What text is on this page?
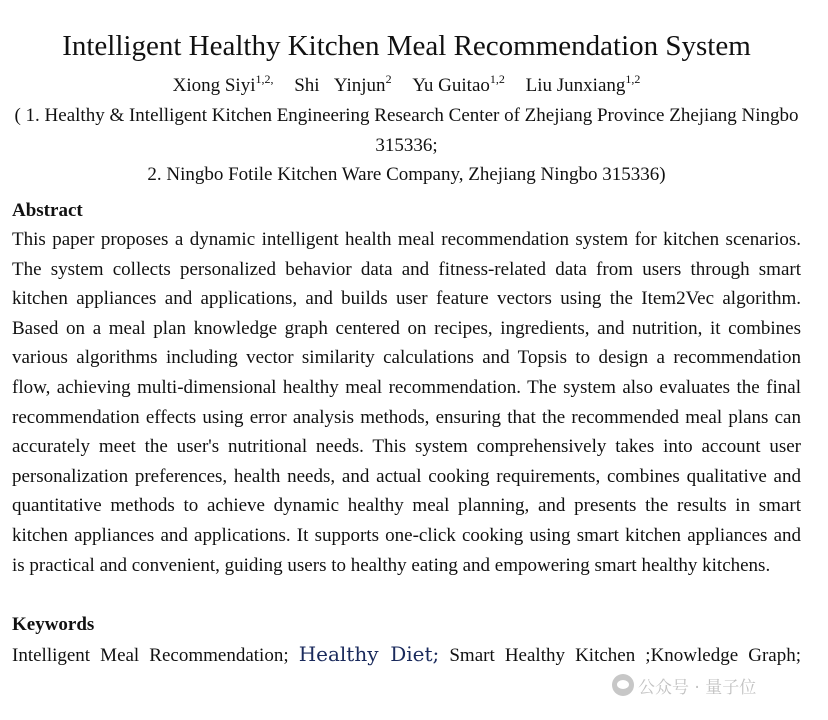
Intelligent Healthy Kitchen Meal Recommendation System
Xiong Siyi$^{1,2,}$ Shi   Yinjun$^2$ Yu Guitao$^{1,2}$ Liu Junxiang$^{1,2}$
( 1. Healthy & Intelligent Kitchen Engineering Research Center of Zhejiang Province Zhejiang Ningbo 315336;
2. Ningbo Fotile Kitchen Ware Company, Zhejiang Ningbo 315336)
Abstract

This paper proposes a dynamic intelligent health meal recommendation system for kitchen scenarios. The system collects personalized behavior data and fitness-related data from users through smart kitchen appliances and applications, and builds user feature vectors using the Item2Vec algorithm. Based on a meal plan knowledge graph centered on recipes, ingredients, and nutrition, it combines various algorithms including vector similarity calculations and Topsis to design a recommendation flow, achieving multi-dimensional healthy meal recommendation. The system also evaluates the final recommendation effects using error analysis methods, ensuring that the recommended meal plans can accurately meet the user's nutritional needs. This system comprehensively takes into account user personalization preferences, health needs, and actual cooking requirements, combines qualitative and quantitative methods to achieve dynamic healthy meal planning, and presents the results in smart kitchen appliances and applications. It supports one-click cooking using smart kitchen appliances and is practical and convenient, guiding users to healthy eating and empowering smart healthy kitchens.

Keywords
Intelligent Meal Recommendation; Healthy Diet; Smart Healthy Kitchen ;Knowledge Graph;
公众号 · 量子位
